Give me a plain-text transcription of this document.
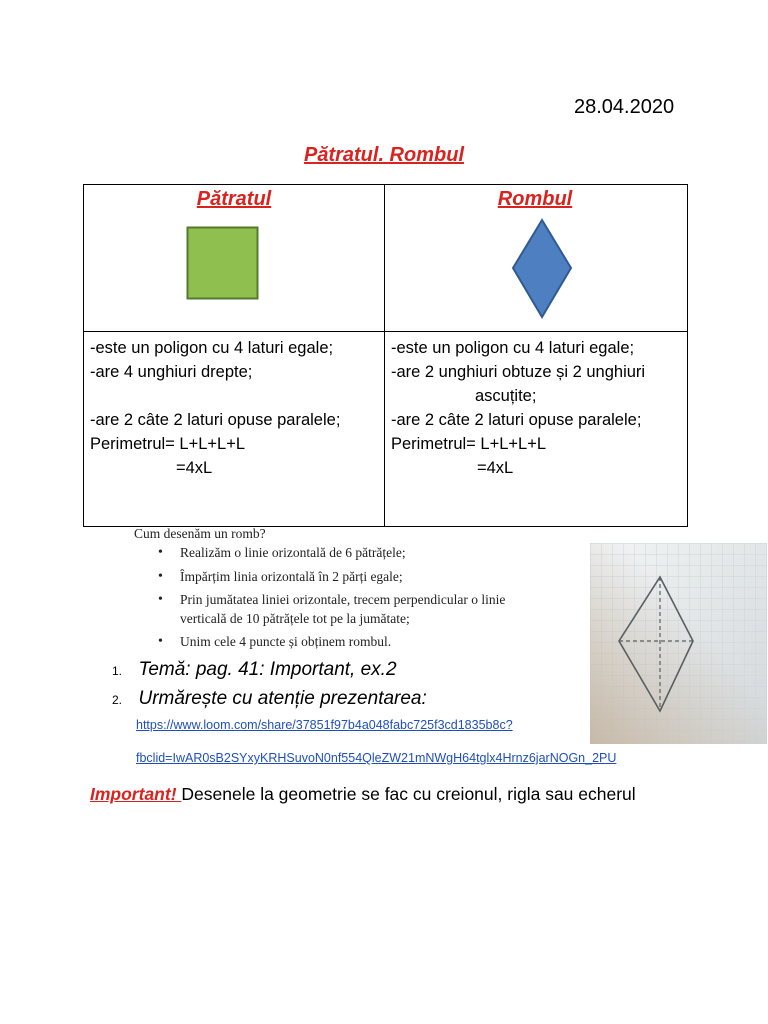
28.04.2020
Pătratul. Rombul
Pătratul	Rombul
-este un poligon cu 4 laturi egale;
-are 4 unghiuri drepte;
-are 2 câte 2 laturi opuse paralele;
Perimetrul= L+L+L+L
=4xL
-este un poligon cu 4 laturi egale;
-are 2 unghiuri obtuze și 2 unghiuri
ascuțite;
-are 2 câte 2 laturi opuse paralele;
Perimetrul= L+L+L+L
=4xL
Cum desenăm un romb?
• Realizăm o linie orizontală de 6 pătrățele;
• Împărțim linia orizontală în 2 părți egale;
• Prin jumătatea liniei orizontale, trecem perpendicular o linie
verticală de 10 pătrățele tot pe la jumătate;
• Unim cele 4 puncte și obținem rombul.
1. Temă: pag. 41: Important, ex.2
2. Urmărește cu atenție prezentarea:
https://www.loom.com/share/37851f97b4a048fabc725f3cd1835b8c?
fbclid=IwAR0sB2SYxyKRHSuvoN0nf554QleZW21mNWgH64tglx4Hrnz6jarNOGn_2PU
Important! Desenele la geometrie se fac cu creionul, rigla sau echerul
